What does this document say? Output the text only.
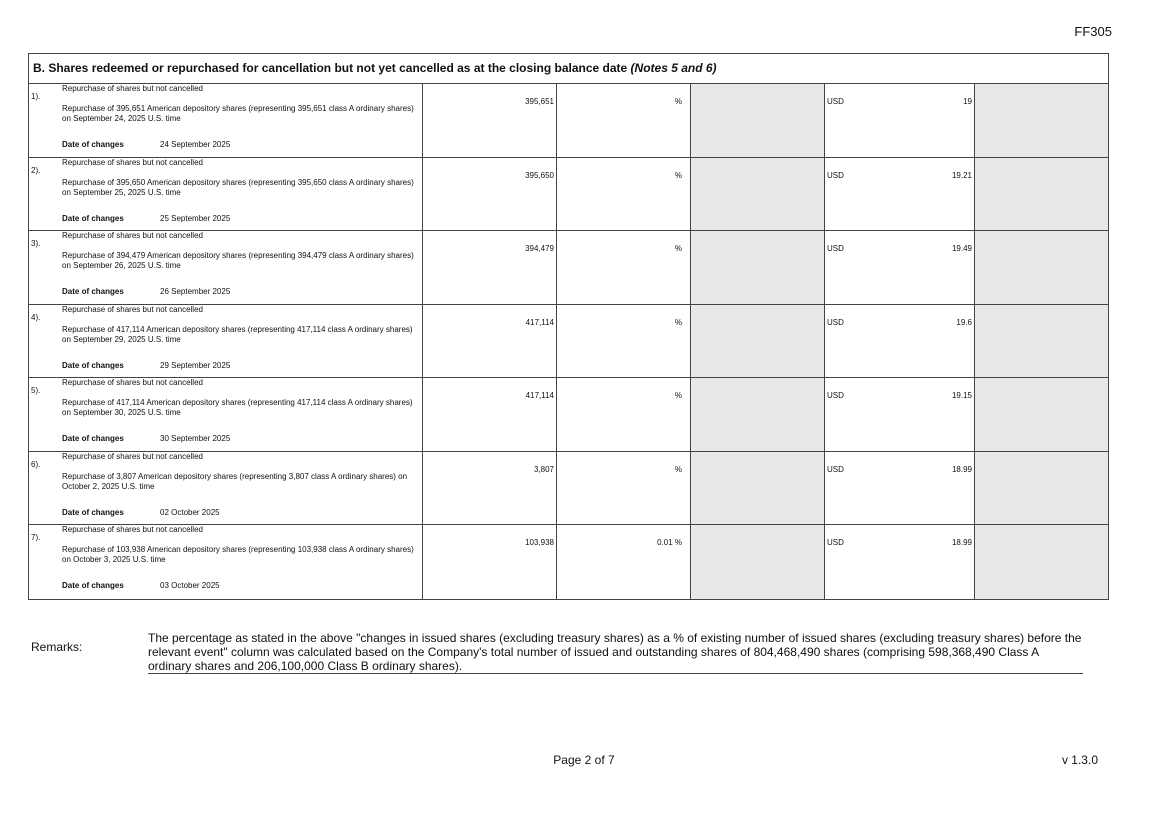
FF305
B. Shares redeemed or repurchased for cancellation but not yet cancelled as at the closing balance date (Notes 5 and 6)
1).
Repurchase of shares but not cancelled
Repurchase of 395,651 American depository shares (representing 395,651 class A ordinary shares) on September 24, 2025 U.S. time
Date of changes	24 September 2025
395,651	%	USD	19
2).
Repurchase of shares but not cancelled
Repurchase of 395,650 American depository shares (representing 395,650 class A ordinary shares) on September 25, 2025 U.S. time
Date of changes	25 September 2025
395,650	%	USD	19.21
3).
Repurchase of shares but not cancelled
Repurchase of 394,479 American depository shares (representing 394,479 class A ordinary shares) on September 26, 2025 U.S. time
Date of changes	26 September 2025
394,479	%	USD	19.49
4).
Repurchase of shares but not cancelled
Repurchase of 417,114 American depository shares (representing 417,114 class A ordinary shares) on September 29, 2025 U.S. time
Date of changes	29 September 2025
417,114	%	USD	19.6
5).
Repurchase of shares but not cancelled
Repurchase of 417,114 American depository shares (representing 417,114 class A ordinary shares) on September 30, 2025 U.S. time
Date of changes	30 September 2025
417,114	%	USD	19.15
6).
Repurchase of shares but not cancelled
Repurchase of 3,807 American depository shares (representing 3,807 class A ordinary shares) on October 2, 2025 U.S. time
Date of changes	02 October 2025
3,807	%	USD	18.99
7).
Repurchase of shares but not cancelled
Repurchase of 103,938 American depository shares (representing 103,938 class A ordinary shares) on October 3, 2025 U.S. time
Date of changes	03 October 2025
103,938	0.01 %	USD	18.99
Remarks:
The percentage as stated in the above "changes in issued shares (excluding treasury shares) as a % of existing number of issued shares (excluding treasury shares) before the relevant event" column was calculated based on the Company's total number of issued and outstanding shares of 804,468,490 shares (comprising 598,368,490 Class A ordinary shares and 206,100,000 Class B ordinary shares).
Page 2 of 7	v 1.3.0
